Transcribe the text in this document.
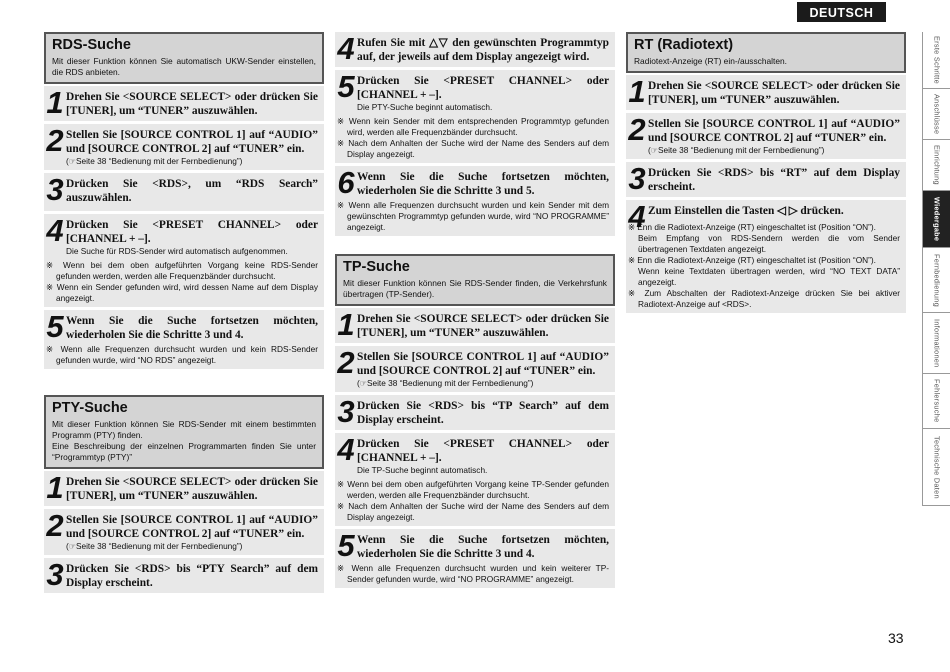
RDS-Suche

Mit dieser Funktion können Sie automatisch UKW-Sender einstellen, die RDS anbieten.

1 Drehen Sie <SOURCE SELECT> oder drücken Sie [TUNER], um “TUNER” auszuwählen.

2 Stellen Sie [SOURCE CONTROL 1] auf “AUDIO” und [SOURCE CONTROL 2] auf “TUNER” ein.

(☞Seite 38 “Bedienung mit der Fernbedienung”)

3 Drücken Sie <RDS>, um “RDS Search” auszuwählen.

4 Drücken Sie <PRESET CHANNEL> oder [CHANNEL + –].

Die Suche für RDS-Sender wird automatisch aufgenommen.

※ Wenn bei dem oben aufgeführten Vorgang keine RDS-Sender gefunden werden, werden alle Frequenzbänder durchsucht.

※ Wenn ein Sender gefunden wird, wird dessen Name auf dem Display angezeigt.

5 Wenn Sie die Suche fortsetzen möchten, wiederholen Sie die Schritte 3 und 4.

※ Wenn alle Frequenzen durchsucht wurden und kein RDS-Sender gefunden wurde, wird “NO RDS” angezeigt.

PTY-Suche

Mit dieser Funktion können Sie RDS-Sender mit einem bestimmten Programm (PTY) finden.

Eine Beschreibung der einzelnen Programmarten finden Sie unter “Programmtyp (PTY)”

1 Drehen Sie <SOURCE SELECT> oder drücken Sie [TUNER], um “TUNER” auszuwählen.

2 Stellen Sie [SOURCE CONTROL 1] auf “AUDIO” und [SOURCE CONTROL 2] auf “TUNER” ein.

(☞Seite 38 “Bedienung mit der Fernbedienung”)

3 Drücken Sie <RDS> bis “PTY Search” auf dem Display erscheint.

4 Rufen Sie mit △▽ den gewünschten Programmtyp auf, der jeweils auf dem Display angezeigt wird.

5 Drücken Sie <PRESET CHANNEL> oder [CHANNEL + –].

Die PTY-Suche beginnt automatisch.

※ Wenn kein Sender mit dem entsprechenden Programmtyp gefunden wird, werden alle Frequenzbänder durchsucht.

※ Nach dem Anhalten der Suche wird der Name des Senders auf dem Display angezeigt.

6 Wenn Sie die Suche fortsetzen möchten, wiederholen Sie die Schritte 3 und 5.

※ Wenn alle Frequenzen durchsucht wurden und kein Sender mit dem gewünschten Programmtyp gefunden wurde, wird “NO PROGRAMME” angezeigt.

TP-Suche

Mit dieser Funktion können Sie RDS-Sender finden, die Verkehrsfunk übertragen (TP-Sender).

1 Drehen Sie <SOURCE SELECT> oder drücken Sie [TUNER], um “TUNER” auszuwählen.

2 Stellen Sie [SOURCE CONTROL 1] auf “AUDIO” und [SOURCE CONTROL 2] auf “TUNER” ein.

(☞Seite 38 “Bedienung mit der Fernbedienung”)

3 Drücken Sie <RDS> bis “TP Search” auf dem Display erscheint.

4 Drücken Sie <PRESET CHANNEL> oder [CHANNEL + –].

Die TP-Suche beginnt automatisch.

※ Wenn bei dem oben aufgeführten Vorgang keine TP-Sender gefunden werden, werden alle Frequenzbänder durchsucht.

※ Nach dem Anhalten der Suche wird der Name des Senders auf dem Display angezeigt.

5 Wenn Sie die Suche fortsetzen möchten, wiederholen Sie die Schritte 3 und 4.

※ Wenn alle Frequenzen durchsucht wurden und kein weiterer TP-Sender gefunden wurde, wird “NO PROGRAMME” angezeigt.

RT (Radiotext)

Radiotext-Anzeige (RT) ein-/ausschalten.

1 Drehen Sie <SOURCE SELECT> oder drücken Sie [TUNER], um “TUNER” auszuwählen.

2 Stellen Sie [SOURCE CONTROL 1] auf “AUDIO” und [SOURCE CONTROL 2] auf “TUNER” ein.

(☞Seite 38 “Bedienung mit der Fernbedienung”)

3 Drücken Sie <RDS> bis “RT” auf dem Display erscheint.

4 Zum Einstellen die Tasten ◁ ▷ drücken.

※ Enn die Radiotext-Anzeige (RT) eingeschaltet ist (Position “ON”).

Beim Empfang von RDS-Sendern werden die vom Sender übertragenen Textdaten angezeigt.

※ Enn die Radiotext-Anzeige (RT) eingeschaltet ist (Position “ON”).

Wenn keine Textdaten übertragen werden, wird “NO TEXT DATA” angezeigt.

※ Zum Abschalten der Radiotext-Anzeige drücken Sie bei aktiver Radiotext-Anzeige auf <RDS>.

DEUTSCH
Erste Schritte
Anschlüsse
Einrichtung
Wiedergabe
Fernbedienung
Informationen
Fehlersuche
Technische Daten
33
